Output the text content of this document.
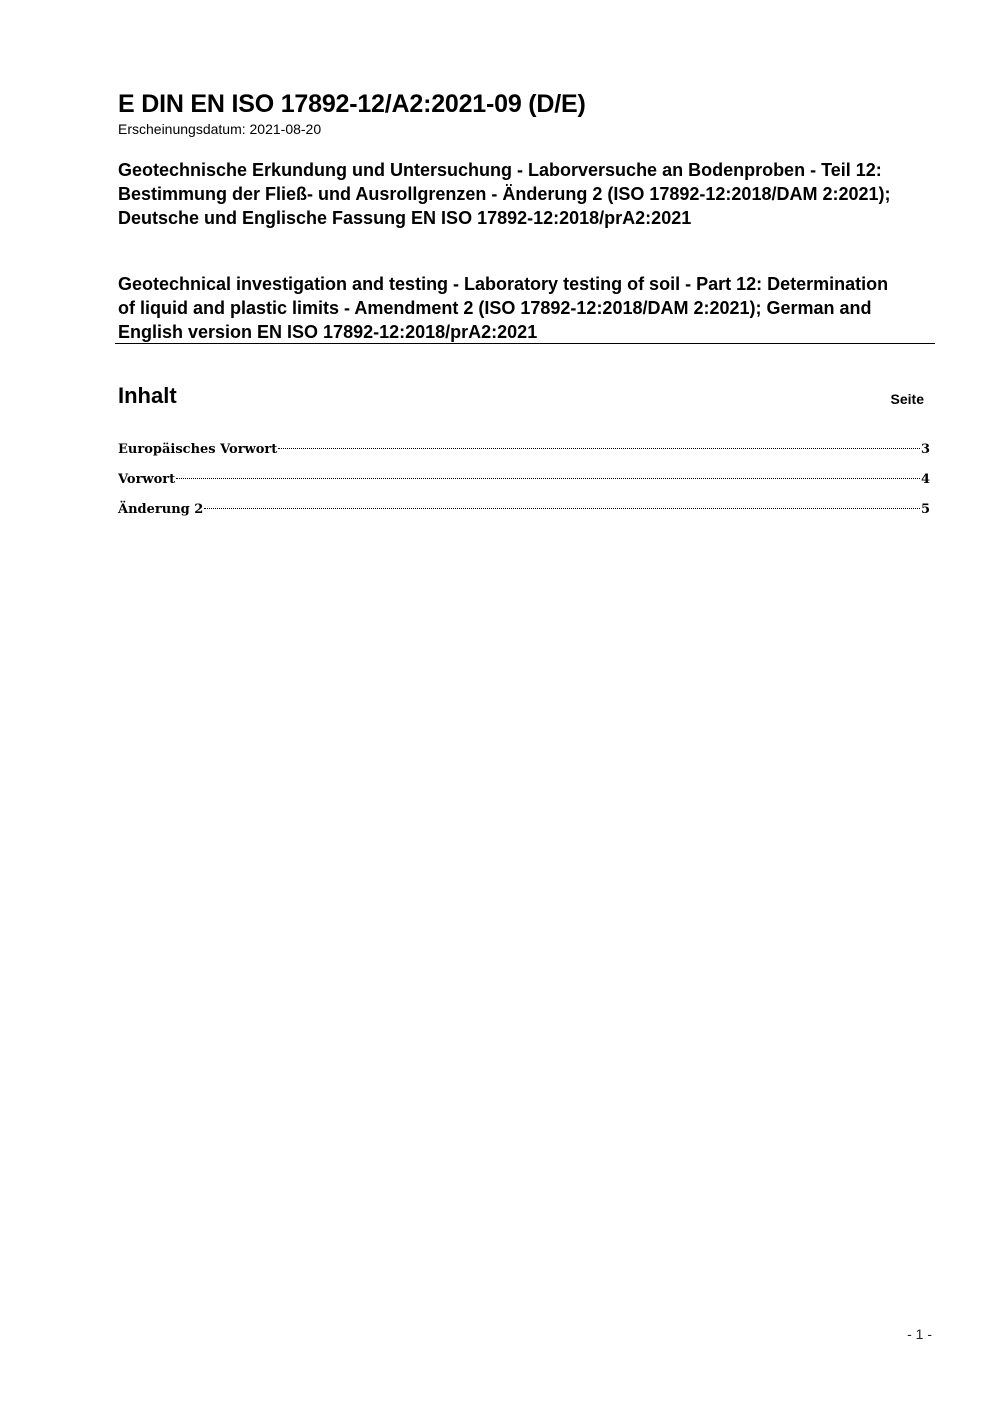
E DIN EN ISO 17892-12/A2:2021-09 (D/E)

Erscheinungsdatum: 2021-08-20

Geotechnische Erkundung und Untersuchung - Laborversuche an Bodenproben - Teil 12: Bestimmung der Fließ- und Ausrollgrenzen - Änderung 2 (ISO 17892-12:2018/DAM 2:2021); Deutsche und Englische Fassung EN ISO 17892-12:2018/prA2:2021

Geotechnical investigation and testing - Laboratory testing of soil - Part 12: Determination of liquid and plastic limits - Amendment 2 (ISO 17892-12:2018/DAM 2:2021); German and English version EN ISO 17892-12:2018/prA2:2021

Inhalt	Seite
Europäisches Vorwort	3
Vorwort	4
Änderung 2	5
- 1 -
